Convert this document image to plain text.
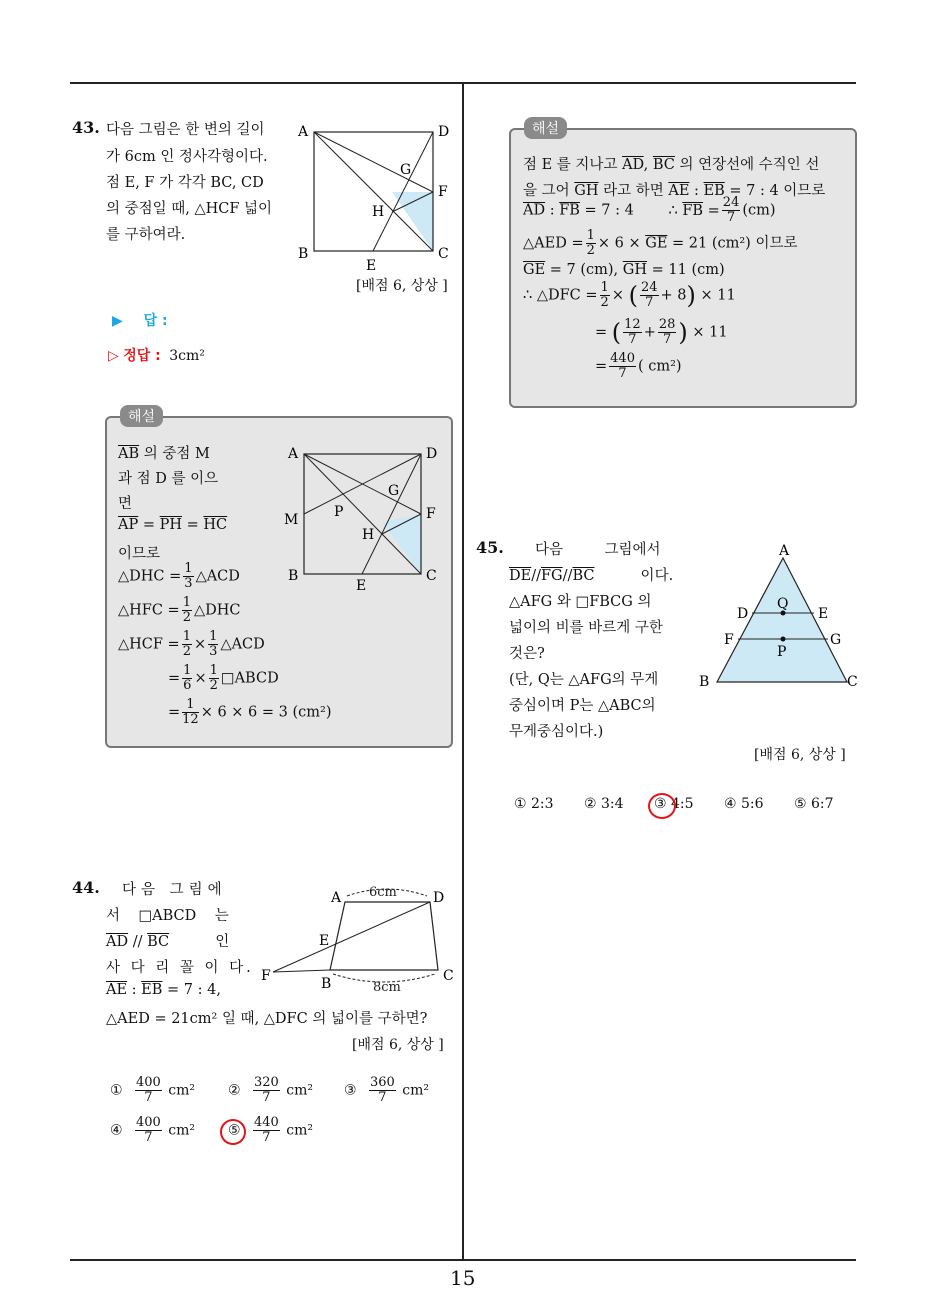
15
43. 다음 그림은 한 변의 길이
가 6cm 인 정사각형이다.
점 E, F 가 각각 BC, CD
의 중점일 때, △HCF 넓이
를 구하여라.
A	D
B	C
E
F
G
H
[배점 6, 상상 ]
▶ 답 :
▷ 정답 : 3cm²
해설
$\overline{AB}$ 의 중점 M
과 점 D 를 이으
면
$\overline{AP} = \overline{PH} = \overline{HC}$
이므로
△DHC = $\frac{1}{3}$ △ACD
△HFC = $\frac{1}{2}$ △DHC
△HCF = $\frac{1}{2} \times \frac{1}{3}$ △ACD
= $\frac{1}{6} \times \frac{1}{2}$ □ABCD
= $\frac{1}{12} \times 6 \times 6 = 3$ (cm²)
A	D
M	P
G
F
H
B	C
E
44. 다음 그림에
서    □ABCD    는
$\overline{AD} // \overline{BC}$          인
사 다 리 꼴 이 다.
$\overline{AE}$ : $\overline{EB} = 7$ : 4,
△AED = 21cm² 일 때, △DFC 의 넓이를 구하면?
[배점 6, 상상 ]
6cm
8cm
A	D
E
F	B	C
① $\frac{400}{7} cm^2$ ② $\frac{320}{7} cm^2$ ③ $\frac{360}{7} cm^2$
④ $\frac{400}{7} cm^2$ ⑤ $\frac{440}{7} cm^2$
해설
점 E 를 지나고 $\overline{AD}$, $\overline{BC}$ 의 연장선에 수직인 선
을 그어 $\overline{GH}$ 라고 하면 $\overline{AE}$ : $\overline{EB} = 7$ : 4 이므로
$\overline{AD}$ : $\overline{FB} = 7$ : 4 ∴ $\overline{FB} = \frac{24}{7} (cm)$
△AED = $\frac{1}{2} \times 6 \times \overline{GE} = 21$ (cm²) 이므로
$\overline{GE} = 7$ (cm), $\overline{GH} = 11$ (cm)
∴ △DFC = $\frac{1}{2}$ × ( $\frac{24}{7} + 8) \times 11$
= ( $\frac{12}{7} + \frac{28}{7}$ ) × 11
= $\frac{440}{7}$ ( cm²)
45. 다음         그림에서
$\overline{DE}//\overline{FG}//\overline{BC}$          이다.
△AFG 와 □FBCG 의
넓이의 비를 바르게 구한
것은?
(단, Q는 △AFG의 무게
중심이며 P는 △ABC의
무게중심이다.)
A
Q
D	E
F	G
P
B	C
[배점 6, 상상 ]
① 2:3 ② 3:4 ③ 4:5 ④ 5:6 ⑤ 6:7
